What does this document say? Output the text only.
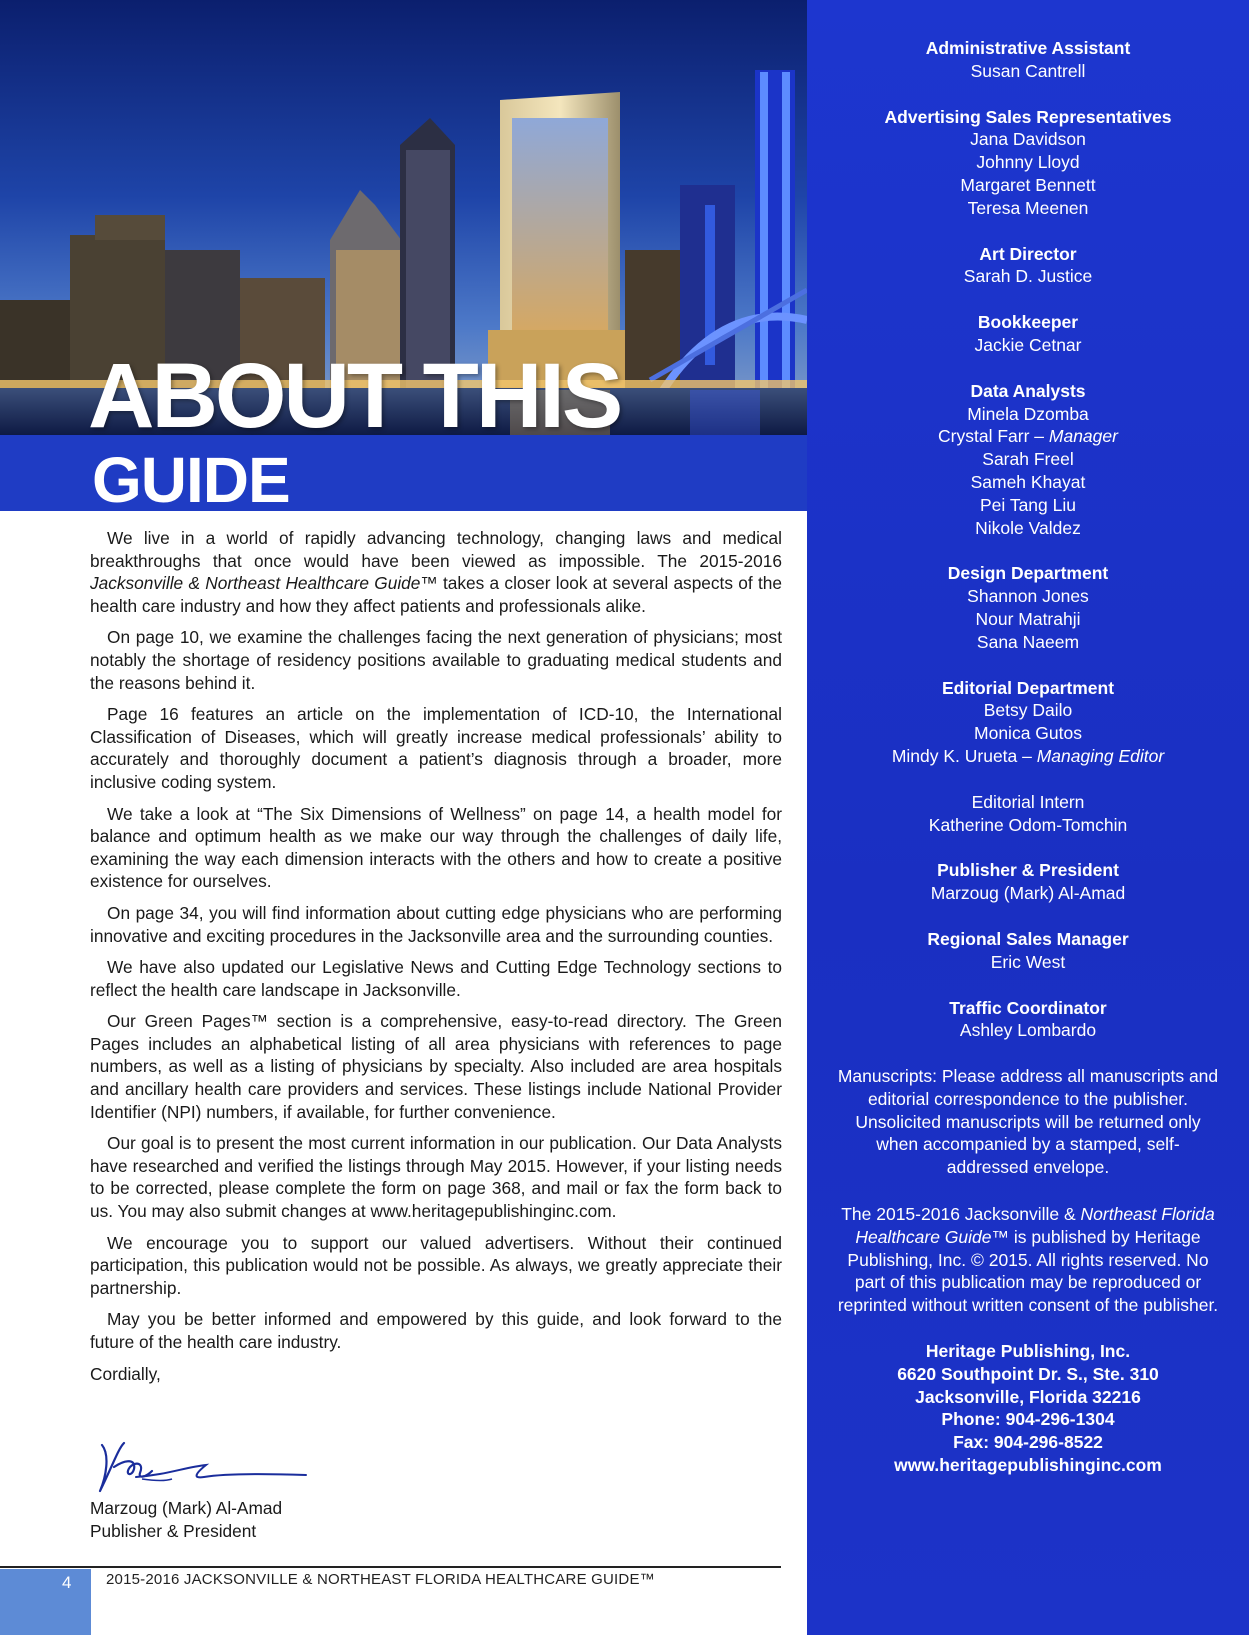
ABOUT THIS
GUIDE

We live in a world of rapidly advancing technology, changing laws and medical breakthroughs that once would have been viewed as impossible. The 2015-2016 Jacksonville & Northeast Healthcare Guide™ takes a closer look at several aspects of the health care industry and how they affect patients and professionals alike.

On page 10, we examine the challenges facing the next generation of physicians; most notably the shortage of residency positions available to graduating medical students and the reasons behind it.

Page 16 features an article on the implementation of ICD-10, the International Classification of Diseases, which will greatly increase medical professionals’ ability to accurately and thoroughly document a patient’s diagnosis through a broader, more inclusive coding system.

We take a look at “The Six Dimensions of Wellness” on page 14, a health model for balance and optimum health as we make our way through the challenges of daily life, examining the way each dimension interacts with the others and how to create a positive existence for ourselves.

On page 34, you will find information about cutting edge physicians who are performing innovative and exciting procedures in the Jacksonville area and the surrounding counties.

We have also updated our Legislative News and Cutting Edge Technology sections to reflect the health care landscape in Jacksonville.

Our Green Pages™ section is a comprehensive, easy-to-read directory. The Green Pages includes an alphabetical listing of all area physicians with references to page numbers, as well as a listing of physicians by specialty. Also included are area hospitals and ancillary health care providers and services. These listings include National Provider Identifier (NPI) numbers, if available, for further convenience.

Our goal is to present the most current information in our publication. Our Data Analysts have researched and verified the listings through May 2015. However, if your listing needs to be corrected, please complete the form on page 368, and mail or fax the form back to us. You may also submit changes at www.heritagepublishinginc.com.

We encourage you to support our valued advertisers. Without their continued participation, this publication would not be possible. As always, we greatly appreciate their partnership.

May you be better informed and empowered by this guide, and look forward to the future of the health care industry.

Cordially,

Marzoug (Mark) Al-Amad
Publisher & President
Administrative Assistant
Susan Cantrell
Advertising Sales Representatives
Jana Davidson
Johnny Lloyd
Margaret Bennett
Teresa Meenen
Art Director
Sarah D. Justice
Bookkeeper
Jackie Cetnar
Data Analysts
Minela Dzomba
Crystal Farr – Manager
Sarah Freel
Sameh Khayat
Pei Tang Liu
Nikole Valdez
Design Department
Shannon Jones
Nour Matrahji
Sana Naeem
Editorial Department
Betsy Dailo
Monica Gutos
Mindy K. Urueta – Managing Editor
Editorial Intern
Katherine Odom-Tomchin
Publisher & President
Marzoug (Mark) Al-Amad
Regional Sales Manager
Eric West
Traffic Coordinator
Ashley Lombardo
Manuscripts: Please address all manuscripts and editorial correspondence to the publisher. Unsolicited manuscripts will be returned only when accompanied by a stamped, self-addressed envelope.
The 2015-2016 Jacksonville & Northeast Florida Healthcare Guide™ is published by Heritage Publishing, Inc. © 2015. All rights reserved. No part of this publication may be reproduced or reprinted without written consent of the publisher.
Heritage Publishing, Inc.
6620 Southpoint Dr. S., Ste. 310
Jacksonville, Florida 32216
Phone: 904-296-1304
Fax: 904-296-8522
www.heritagepublishinginc.com
4	2015-2016 JACKSONVILLE & NORTHEAST FLORIDA HEALTHCARE GUIDE™
